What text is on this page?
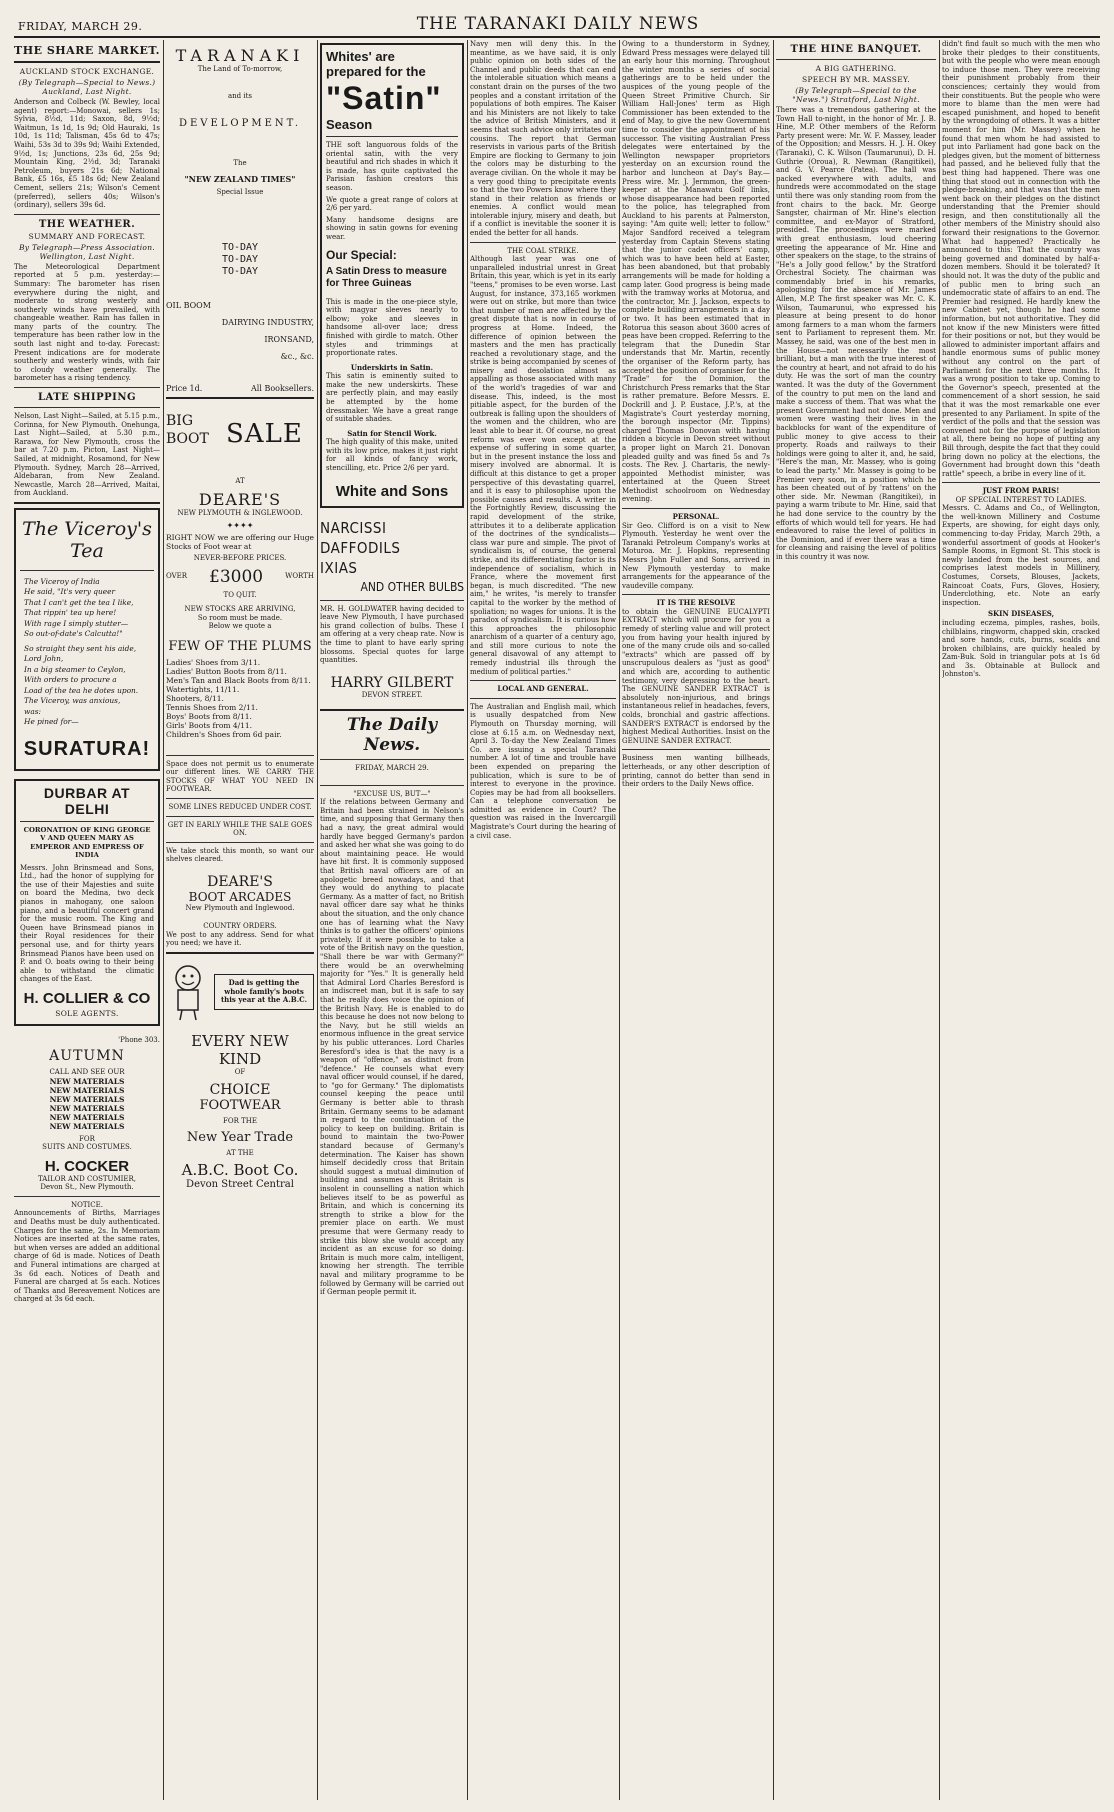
FRIDAY, MARCH 29.	THE TARANAKI DAILY NEWS
THE SHARE MARKET.
AUCKLAND STOCK EXCHANGE.
(By Telegraph—Special to News.) Auckland, Last Night.
Anderson and Colbeck (W. Bewley, local agent) report:—Monowai, sellers 1s; Sylvia, 8½d, 11d; Saxon, 8d, 9½d; Waitmun, 1s 1d, 1s 9d; Old Hauraki, 1s 10d, 1s 11d; Talisman, 45s 6d to 47s; Waihi, 53s 3d to 39s 9d; Waihi Extended, 9½d, 1s; Junctions, 23s 6d, 25s 9d; Mountain King, 2½d, 3d; Taranaki Petroleum, buyers 21s 6d; National Bank, £5 16s, £5 18s 6d; New Zealand Cement, sellers 21s; Wilson's Cement (preferred), sellers 40s; Wilson's (ordinary), sellers 39s 6d.
THE WEATHER.
SUMMARY AND FORECAST.
By Telegraph—Press Association. Wellington, Last Night.
The Meteorological Department reported at 5 p.m. yesterday:—Summary: The barometer has risen everywhere during the night, and moderate to strong westerly and southerly winds have prevailed, with changeable weather. Rain has fallen in many parts of the country. The temperature has been rather low in the south last night and to-day. Forecast: Present indications are for moderate southerly and westerly winds, with fair to cloudy weather generally. The barometer has a rising tendency.
LATE SHIPPING
Nelson, Last Night—Sailed, at 5.15 p.m., Corinna, for New Plymouth. Onehunga, Last Night—Sailed, at 5.30 p.m., Rarawa, for New Plymouth, cross the bar at 7.20 p.m. Picton, Last Night—Sailed, at midnight, Rosamond, for New Plymouth. Sydney, March 28—Arrived, Aldebaran, from New Zealand. Newcastle, March 28—Arrived, Maitai, from Auckland.
The Viceroy's Tea
The Viceroy of India
He said, "It's very queer
That I can't get the tea I like,
That rippin' tea up here!
With rage I simply stutter—
So out-of-date's Calcutta!"
So straight they sent his aide,
Lord John,
In a big steamer to Ceylon,
With orders to procure a
Load of the tea he dotes upon.
The Viceroy, was anxious,
was:
He pined for—
SURATURA!
DURBAR AT DELHI
CORONATION OF KING GEORGE V AND QUEEN MARY AS EMPEROR AND EMPRESS OF INDIA
Messrs. John Brinsmead and Sons, Ltd., had the honor of supplying for the use of their Majesties and suite on board the Medina, two deck pianos in mahogany, one saloon piano, and a beautiful concert grand for the music room. The King and Queen have Brinsmead pianos in their Royal residences for their personal use, and for thirty years Brinsmead Pianos have been used on P. and O. boats owing to their being able to withstand the climatic changes of the East.
H. COLLIER & CO
SOLE AGENTS.
'Phone 303.
AUTUMN
CALL AND SEE OUR
NEW MATERIALS
NEW MATERIALS
NEW MATERIALS
NEW MATERIALS
NEW MATERIALS
NEW MATERIALS
FOR
SUITS AND COSTUMES.
H. COCKER
TAILOR AND COSTUMIER,
Devon St., New Plymouth.
NOTICE.
Announcements of Births, Marriages and Deaths must be duly authenticated. Charges for the same, 2s. In Memoriam Notices are inserted at the same rates, but when verses are added an additional charge of 6d is made. Notices of Death and Funeral intimations are charged at 3s 6d each. Notices of Death and Funeral are charged at 5s each. Notices of Thanks and Bereavement Notices are charged at 3s 6d each.
TARANAKI
The Land of To-morrow,
and its
DEVELOPMENT.
The
"NEW ZEALAND TIMES"
Special Issue
TO-DAY
TO-DAY
TO-DAY
OIL BOOM
DAIRYING INDUSTRY,
IRONSAND,
&c., &c.
Price 1d.	All Booksellers.
BIG
BOOT SALE
AT
DEARE'S
NEW PLYMOUTH & INGLEWOOD.
✦✦✦✦
RIGHT NOW we are offering our Huge Stocks of Foot wear at
NEVER-BEFORE PRICES.
OVER £3000	WORTH
TO QUIT.
NEW STOCKS ARE ARRIVING,
So room must be made.
Below we quote a
FEW OF THE PLUMS
Ladies' Shoes from 3/11.
Ladies' Button Boots from 8/11.
Men's Tan and Black Boots from 8/11.
Watertights, 11/11.
Shooters, 8/11.
Tennis Shoes from 2/11.
Boys' Boots from 8/11.
Girls' Boots from 4/11.
Children's Shoes from 6d pair.
Space does not permit us to enumerate our different lines. WE CARRY THE STOCKS OF WHAT YOU NEED IN FOOTWEAR.
SOME LINES REDUCED UNDER COST.
GET IN EARLY WHILE THE SALE GOES ON.
We take stock this month, so want our shelves cleared.
DEARE'S
BOOT ARCADES
New Plymouth and Inglewood.
COUNTRY ORDERS.
We post to any address. Send for what you need; we have it.
Dad is getting the whole family's boots this year at the A.B.C.
EVERY NEW
KIND
OF
CHOICE
FOOTWEAR
FOR THE
New Year Trade
AT THE
A.B.C. Boot Co.
Devon Street Central
Whites' are
prepared for the
"Satin"
Season
THE soft languorous folds of the oriental satin, with the very beautiful and rich shades in which it is made, has quite captivated the Parisian fashion creators this season.
We quote a great range of colors at 2/6 per yard.
Many handsome designs are showing in satin gowns for evening wear.
Our Special:
A Satin Dress to measure for Three Guineas
This is made in the one-piece style, with magyar sleeves nearly to elbow; yoke and sleeves in handsome all-over lace; dress finished with girdle to match. Other styles and trimmings at proportionate rates.
Underskirts in Satin.
This satin is eminently suited to make the new underskirts. These are perfectly plain, and may easily be attempted by the home dressmaker. We have a great range of suitable shades.
Satin for Stencil Work.
The high quality of this make, united with its low price, makes it just right for all kinds of fancy work, stencilling, etc. Price 2/6 per yard.
White and Sons
NARCISSI
DAFFODILS
IXIAS
AND OTHER BULBS
MR. H. GOLDWATER having decided to leave New Plymouth, I have purchased his grand collection of bulbs. These I am offering at a very cheap rate. Now is the time to plant to have early spring blossoms. Special quotes for large quantities.
HARRY GILBERT
DEVON STREET.
The Daily News.
FRIDAY, MARCH 29.
"EXCUSE US, BUT—"
If the relations between Germany and Britain had been strained in Nelson's time, and supposing that Germany then had a navy, the great admiral would hardly have begged Germany's pardon and asked her what she was going to do about maintaining peace. He would have hit first. It is commonly supposed that British naval officers are of an apologetic breed nowadays, and that they would do anything to placate Germany. As a matter of fact, no British naval officer dare say what he thinks about the situation, and the only chance one has of learning what the Navy thinks is to gather the officers' opinions privately. If it were possible to take a vote of the British navy on the question, "Shall there be war with Germany?" there would be an overwhelming majority for "Yes." It is generally held that Admiral Lord Charles Beresford is an indiscreet man, but it is safe to say that he really does voice the opinion of the British Navy. He is enabled to do this because he does not now belong to the Navy, but he still wields an enormous influence in the great service by his public utterances. Lord Charles Beresford's idea is that the navy is a weapon of "offence," as distinct from "defence." He counsels what every naval officer would counsel, if he dared, to "go for Germany." The diplomatists counsel keeping the peace until Germany is better able to thrash Britain. Germany seems to be adamant in regard to the continuation of the policy to keep on building. Britain is bound to maintain the two-Power standard because of Germany's determination. The Kaiser has shown himself decidedly cross that Britain should suggest a mutual diminution of building and assumes that Britain is insolent in counselling a nation which believes itself to be as powerful as Britain, and which is concerning its strength to strike a blow for the premier place on earth. We must presume that were Germany ready to strike this blow she would accept any incident as an excuse for so doing. Britain is much more calm, intelligent, knowing her strength. The terrible naval and military programme to be followed by Germany will be carried out if German people permit it.
Navy men will deny this. In the meantime, as we have said, it is only public opinion on both sides of the Channel and public deeds that can end the intolerable situation which means a constant drain on the purses of the two peoples and a constant irritation of the populations of both empires. The Kaiser and his Ministers are not likely to take the advice of British Ministers, and it seems that such advice only irritates our cousins. The report that German reservists in various parts of the British Empire are flocking to Germany to join the colors may be disturbing to the average civilian. On the whole it may be a very good thing to precipitate events so that the two Powers know where they stand in their relation as friends or enemies. A conflict would mean intolerable injury, misery and death, but if a conflict is inevitable the sooner it is ended the better for all hands.
THE COAL STRIKE.
Although last year was one of unparalleled industrial unrest in Great Britain, this year, which is yet in its early "teens," promises to be even worse. Last August, for instance, 373,165 workmen were out on strike, but more than twice that number of men are affected by the great dispute that is now in course of progress at Home. Indeed, the difference of opinion between the masters and the men has practically reached a revolutionary stage, and the strike is being accompanied by scenes of misery and desolation almost as appalling as those associated with many of the world's tragedies of war and disease. This, indeed, is the most pitiable aspect, for the burden of the outbreak is falling upon the shoulders of the women and the children, who are least able to bear it. Of course, no great reform was ever won except at the expense of suffering in some quarter, but in the present instance the loss and misery involved are abnormal. It is difficult at this distance to get a proper perspective of this devastating quarrel, and it is easy to philosophise upon the possible causes and results. A writer in the Fortnightly Review, discussing the rapid development of the strike, attributes it to a deliberate application of the doctrines of the syndicalists—class war pure and simple. The pivot of syndicalism is, of course, the general strike, and its differentiating factor is its independence of socialism, which in France, where the movement first began, is much discredited. "The new aim," he writes, "is merely to transfer capital to the worker by the method of spoliation; no wages for unions. It is the paradox of syndicalism. It is curious how this approaches the philosophic anarchism of a quarter of a century ago, and still more curious to note the general disavowal of any attempt to remedy industrial ills through the medium of political parties."
LOCAL AND GENERAL.
The Australian and English mail, which is usually despatched from New Plymouth on Thursday morning, will close at 6.15 a.m. on Wednesday next, April 3. To-day the New Zealand Times Co. are issuing a special Taranaki number. A lot of time and trouble have been expended on preparing the publication, which is sure to be of interest to everyone in the province. Copies may be had from all booksellers. Can a telephone conversation be admitted as evidence in Court? The question was raised in the Invercargill Magistrate's Court during the hearing of a civil case.
Owing to a thunderstorm in Sydney, Edward Press messages were delayed till an early hour this morning. Throughout the winter months a series of social gatherings are to be held under the auspices of the young people of the Queen Street Primitive Church. Sir William Hall-Jones' term as High Commissioner has been extended to the end of May, to give the new Government time to consider the appointment of his successor. The visiting Australian Press delegates were entertained by the Wellington newspaper proprietors yesterday on an excursion round the harbor and luncheon at Day's Bay.—Press wire. Mr. J. Jermmon, the green-keeper at the Manawatu Golf links, whose disappearance had been reported to the police, has telegraphed from Auckland to his parents at Palmerston, saying: "Am quite well; letter to follow." Major Sandford received a telegram yesterday from Captain Stevens stating that the junior cadet officers' camp, which was to have been held at Easter, has been abandoned, but that probably arrangements will be made for holding a camp later. Good progress is being made with the tramway works at Motorua, and the contractor, Mr. J. Jackson, expects to complete building arrangements in a day or two. It has been estimated that in Rotorua this season about 3600 acres of peas have been cropped. Referring to the telegram that the Dunedin Star understands that Mr. Martin, recently the organiser of the Reform party, has accepted the position of organiser for the "Trade" for the Dominion, the Christchurch Press remarks that the Star is rather premature. Before Messrs. E. Dockrill and J. P. Eustace, J.P.'s, at the Magistrate's Court yesterday morning, the borough inspector (Mr. Tippins) charged Thomas Donovan with having ridden a bicycle in Devon street without a proper light on March 21. Donovan pleaded guilty and was fined 5s and 7s costs. The Rev. J. Chartaris, the newly-appointed Methodist minister, was entertained at the Queen Street Methodist schoolroom on Wednesday evening.
PERSONAL.
Sir Geo. Clifford is on a visit to New Plymouth. Yesterday he went over the Taranaki Petroleum Company's works at Moturoa. Mr. J. Hopkins, representing Messrs John Fuller and Sons, arrived in New Plymouth yesterday to make arrangements for the appearance of the vaudeville company.
IT IS THE RESOLVE
to obtain the GENUINE EUCALYPTI EXTRACT which will procure for you a remedy of sterling value and will protect you from having your health injured by one of the many crude oils and so-called "extracts" which are passed off by unscrupulous dealers as "just as good" and which are, according to authentic testimony, very depressing to the heart. The GENUINE SANDER EXTRACT is absolutely non-injurious, and brings instantaneous relief in headaches, fevers, colds, bronchial and gastric affections. SANDER'S EXTRACT is endorsed by the highest Medical Authorities. Insist on the GENUINE SANDER EXTRACT.
Business men wanting billheads, letterheads, or any other description of printing, cannot do better than send in their orders to the Daily News office.
THE HINE BANQUET.
A BIG GATHERING.
SPEECH BY MR. MASSEY.
(By Telegraph—Special to the "News.") Stratford, Last Night.
There was a tremendous gathering at the Town Hall to-night, in the honor of Mr. J. B. Hine, M.P. Other members of the Reform Party present were: Mr. W. F. Massey, leader of the Opposition; and Messrs. H. J. H. Okey (Taranaki), C. K. Wilson (Taumarunui), D. H. Guthrie (Oroua), R. Newman (Rangitikei), and G. V. Pearce (Patea). The hall was packed everywhere with adults, and hundreds were accommodated on the stage until there was only standing room from the front chairs to the back. Mr. George Sangster, chairman of Mr. Hine's election committee, and ex-Mayor of Stratford, presided. The proceedings were marked with great enthusiasm, loud cheering greeting the appearance of Mr. Hine and other speakers on the stage, to the strains of "He's a Jolly good fellow," by the Stratford Orchestral Society. The chairman was commendably brief in his remarks, apologising for the absence of Mr. James Allen, M.P. The first speaker was Mr. C. K. Wilson, Taumarunui, who expressed his pleasure at being present to do honor among farmers to a man whom the farmers sent to Parliament to represent them. Mr. Massey, he said, was one of the best men in the House—not necessarily the most brilliant, but a man with the true interest of the country at heart, and not afraid to do his duty. He was the sort of man the country wanted. It was the duty of the Government of the country to put men on the land and make a success of them. That was what the present Government had not done. Men and women were wasting their lives in the backblocks for want of the expenditure of public money to give access to their property. Roads and railways to their holdings were going to alter it, and, he said, "Here's the man, Mr. Massey, who is going to lead the party." Mr. Massey is going to be Premier very soon, in a position which he has been cheated out of by 'rattens' on the other side. Mr. Newman (Rangitikei), in paying a warm tribute to Mr. Hine, said that he had done service to the country by the efforts of which would tell for years. He had endeavored to raise the level of politics in the Dominion, and if ever there was a time for cleansing and raising the level of politics in this country it was now.
didn't find fault so much with the men who broke their pledges to their constituents, but with the people who were mean enough to induce those men. They were receiving their punishment probably from their consciences; certainly they would from their constituents. But the people who were more to blame than the men were had escaped punishment, and hoped to benefit by the wrongdoing of others. It was a bitter moment for him (Mr. Massey) when he found that men whom he had assisted to put into Parliament had gone back on the pledges given, but the moment of bitterness had passed, and he believed fully that the best thing had happened. There was one thing that stood out in connection with the pledge-breaking, and that was that the men went back on their pledges on the distinct understanding that the Premier should resign, and then constitutionally all the other members of the Ministry should also forward their resignations to the Governor. What had happened? Practically he announced to this: That the country was being governed and dominated by half-a-dozen members. Should it be tolerated? It should not. It was the duty of the public and of public men to bring such an undemocratic state of affairs to an end. The Premier had resigned. He hardly knew the new Cabinet yet, though he had some information, but not authoritative. They did not know if the new Ministers were fitted for their positions or not, but they would be allowed to administer important affairs and handle enormous sums of public money without any control on the part of Parliament for the next three months. It was a wrong position to take up. Coming to the Governor's speech, presented at the commencement of a short session, he said that it was the most remarkable one ever presented to any Parliament. In spite of the verdict of the polls and that the session was convened not for the purpose of legislation at all, there being no hope of putting any Bill through, despite the fact that they could bring down no policy at the elections, the Government had brought down this "death rattle" speech, a bribe in every line of it.
JUST FROM PARIS!
OF SPECIAL INTEREST TO LADIES.
Messrs. C. Adams and Co., of Wellington, the well-known Millinery and Costume Experts, are showing, for eight days only, commencing to-day Friday, March 29th, a wonderful assortment of goods at Hooker's Sample Rooms, in Egmont St. This stock is newly landed from the best sources, and comprises latest models in Millinery, Costumes, Corsets, Blouses, Jackets, Raincoat Coats, Furs, Gloves, Hosiery, Underclothing, etc. Note an early inspection.
SKIN DISEASES,
including eczema, pimples, rashes, boils, chilblains, ringworm, chapped skin, cracked and sore hands, cuts, burns, scalds and broken chilblains, are quickly healed by Zam-Buk. Sold in triangular pots at 1s 6d and 3s. Obtainable at Bullock and Johnston's.
